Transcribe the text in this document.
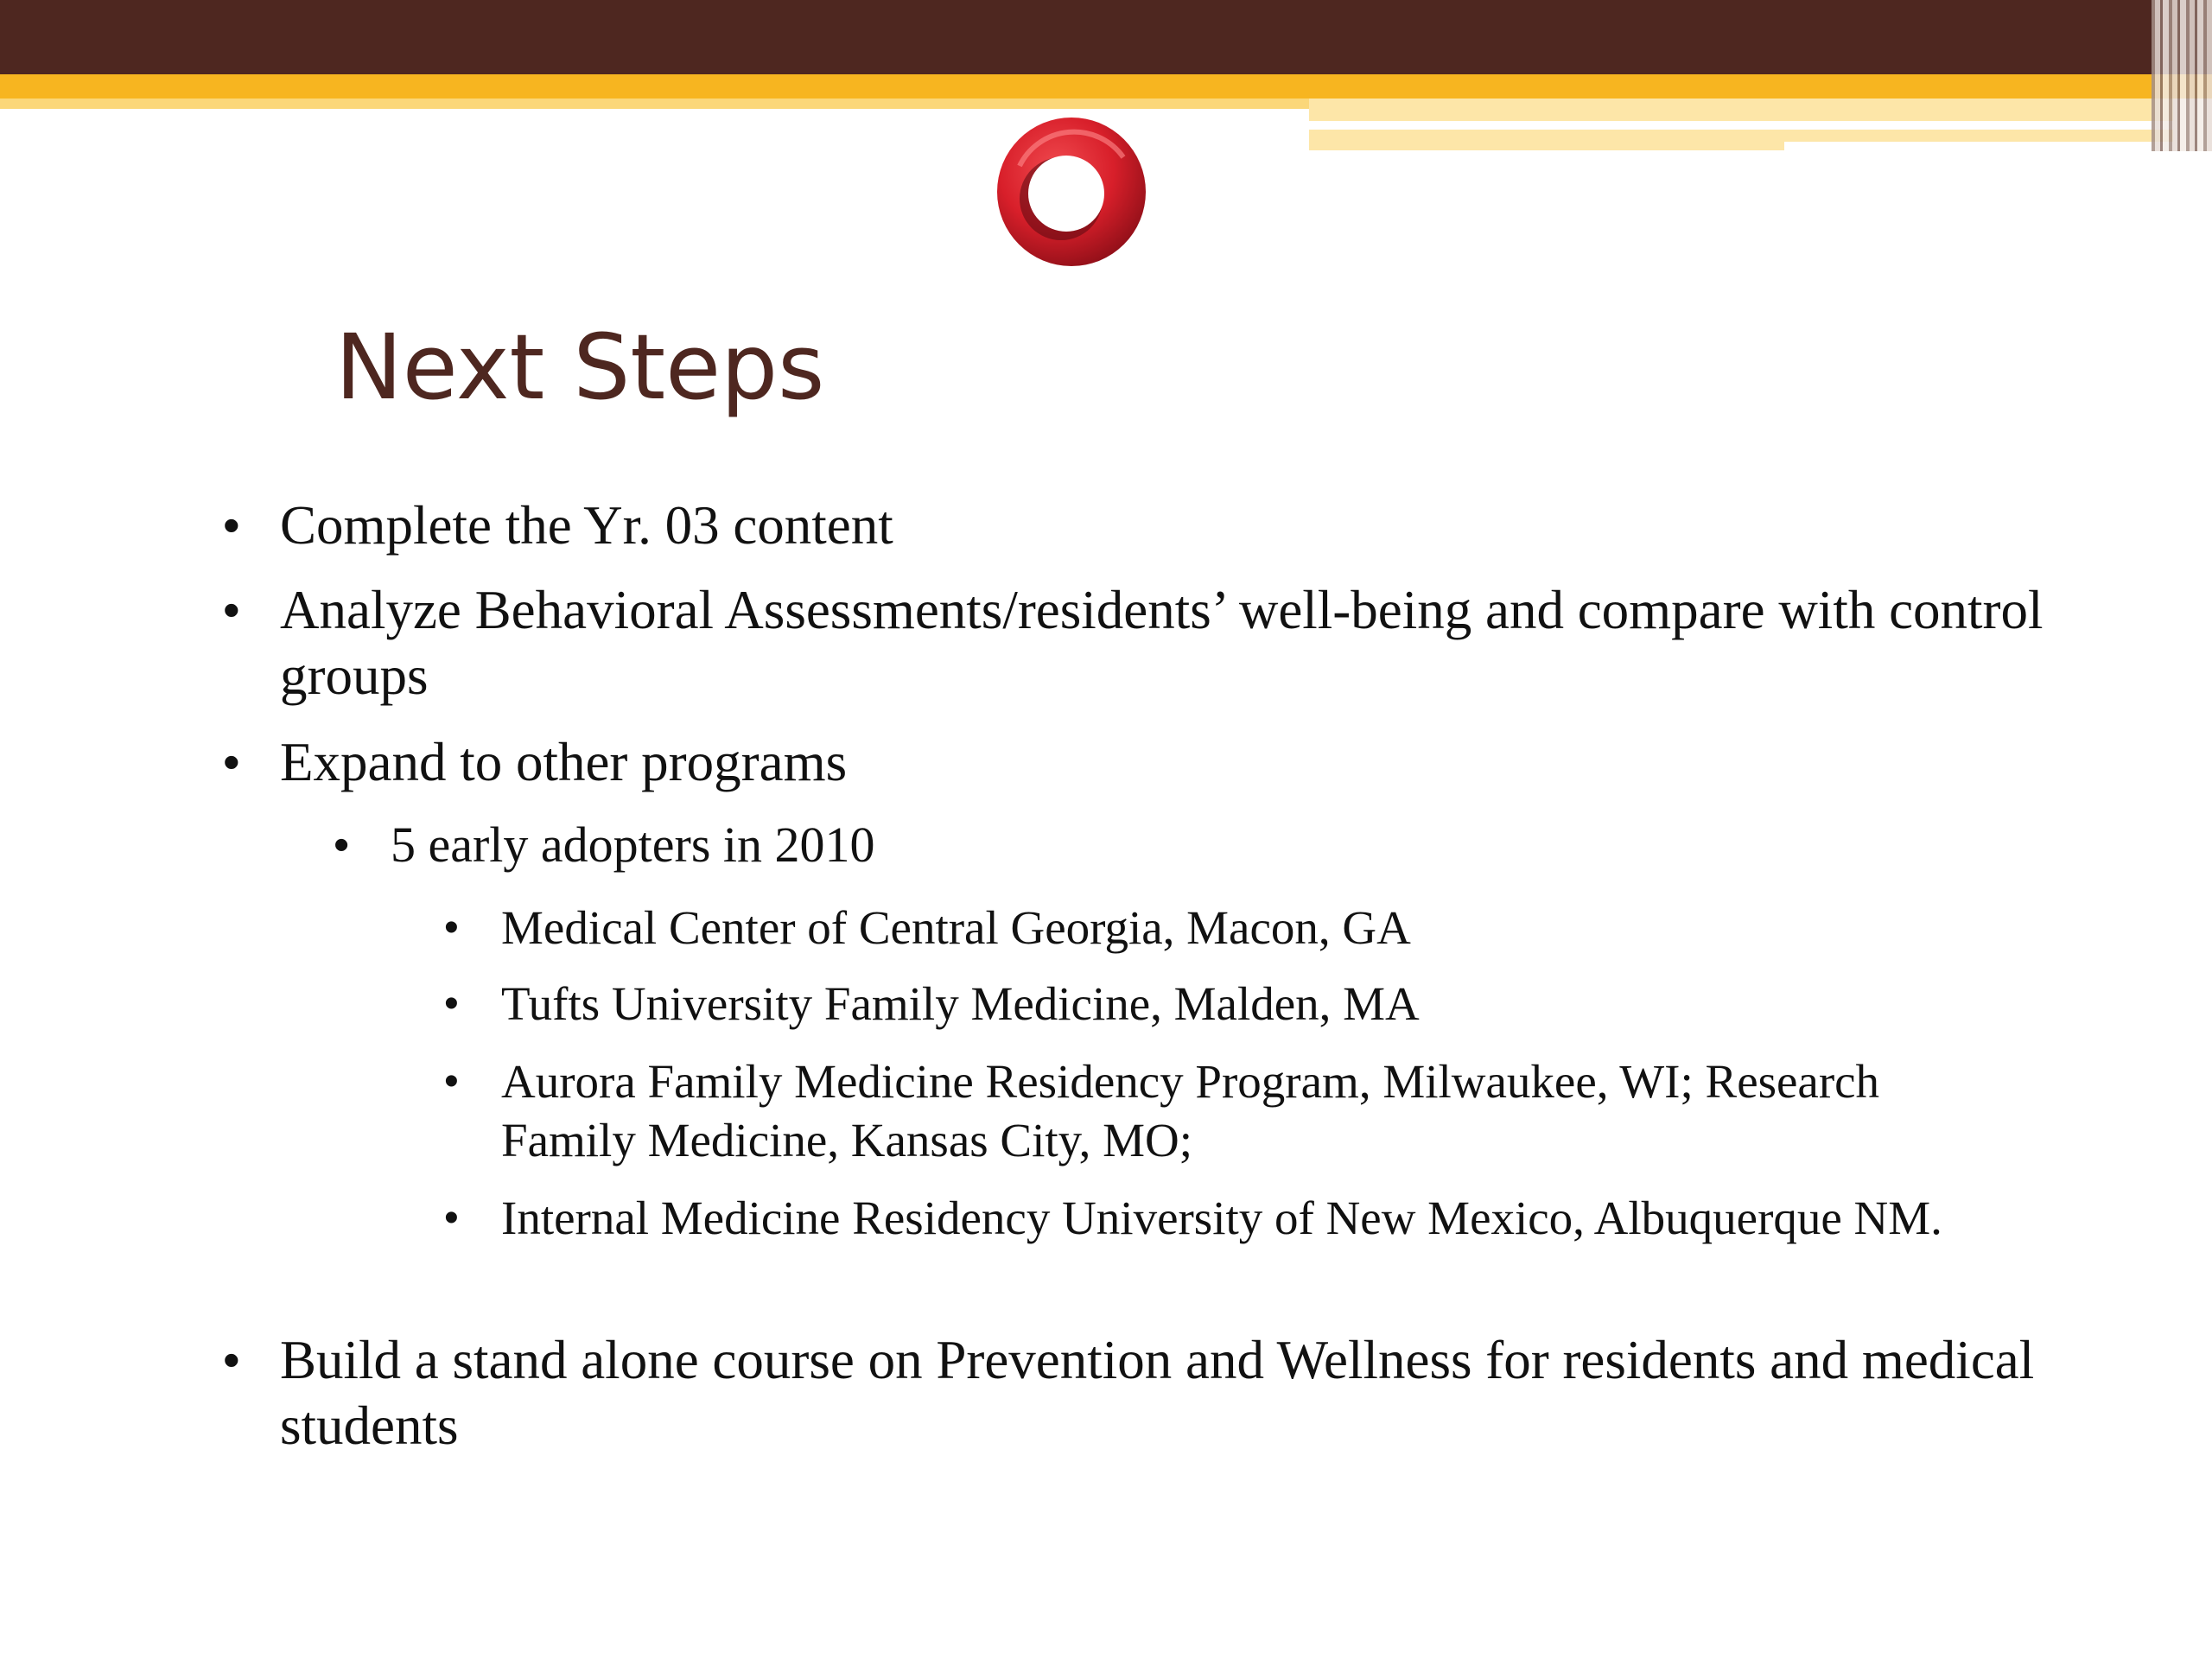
Next Steps
• Complete the Yr. 03 content
• Analyze Behavioral Assessments/residents’ well-being and compare with control groups
• Expand to other programs
• 5 early adopters in 2010
• Medical Center of Central Georgia, Macon, GA
• Tufts University Family Medicine, Malden, MA
• Aurora Family Medicine Residency Program, Milwaukee, WI; Research Family Medicine, Kansas City, MO;
• Internal Medicine Residency University of New Mexico, Albuquerque NM.
• Build a stand alone course on Prevention and Wellness for residents and medical students
